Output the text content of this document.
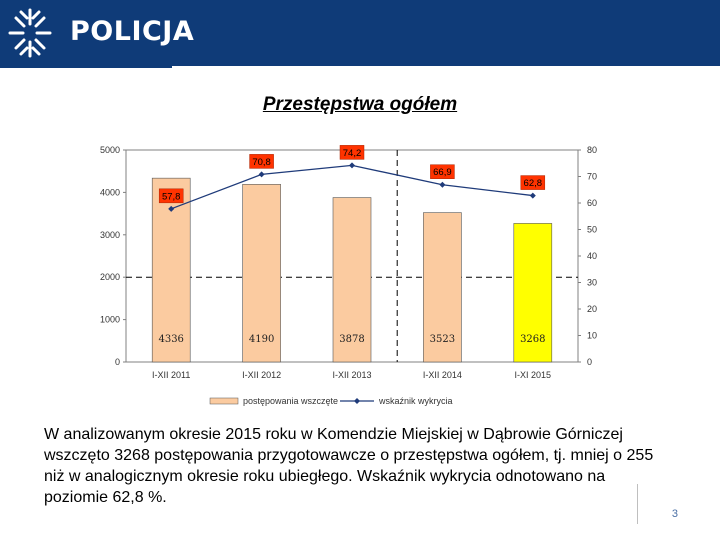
POLICJA
Przestępstwa ogółem
0
1000
2000
3000
4000
5000
0
10
20
30
40
50
60
70
80
4336
I-XII 2011
4190
I-XII 2012
3878
I-XII 2013
3523
I-XII 2014
3268
I-XI 2015
57,8
70,8
74,2
66,9
62,8
postępowania wszczęte	wskaźnik wykrycia
W analizowanym okresie 2015 roku w Komendzie Miejskiej w Dąbrowie Górniczej wszczęto 3268 postępowania przygotowawcze o przestępstwa ogółem, tj. mniej o 255 niż w analogicznym okresie roku ubiegłego. Wskaźnik wykrycia odnotowano na poziomie 62,8 %.
3
